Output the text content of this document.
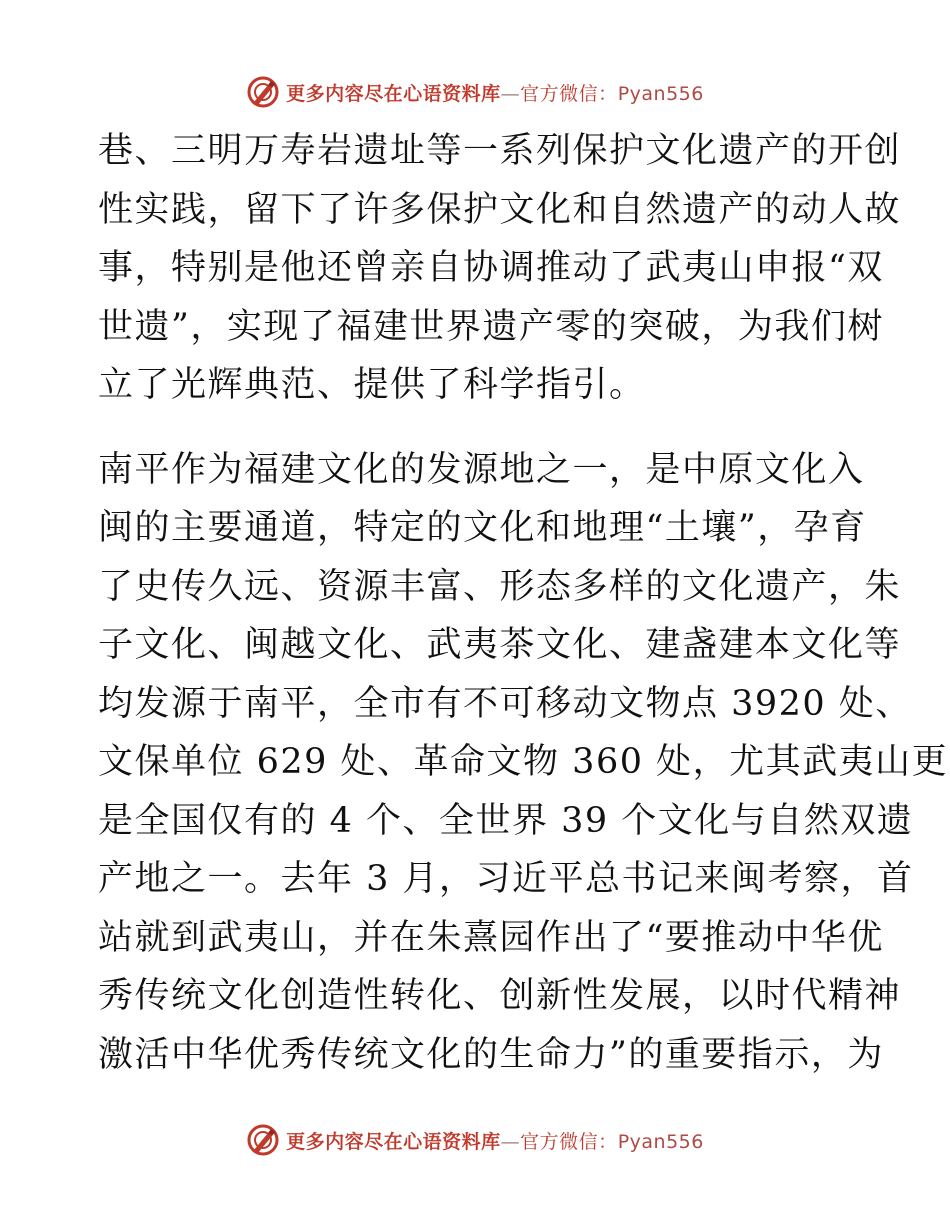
更多内容尽在心语资料库—官方微信：Pyan556
巷、三明万寿岩遗址等一系列保护文化遗产的开创
性实践，留下了许多保护文化和自然遗产的动人故
事，特别是他还曾亲自协调推动了武夷山申报“双
世遗”，实现了福建世界遗产零的突破，为我们树
立了光辉典范、提供了科学指引。
南平作为福建文化的发源地之一，是中原文化入
闽的主要通道，特定的文化和地理“土壤”，孕育
了史传久远、资源丰富、形态多样的文化遗产，朱
子文化、闽越文化、武夷茶文化、建盏建本文化等
均发源于南平，全市有不可移动文物点 3920 处、
文保单位 629 处、革命文物 360 处，尤其武夷山更
是全国仅有的 4 个、全世界 39 个文化与自然双遗
产地之一。去年 3 月，习近平总书记来闽考察，首
站就到武夷山，并在朱熹园作出了“要推动中华优
秀传统文化创造性转化、创新性发展，以时代精神
激活中华优秀传统文化的生命力”的重要指示，为
更多内容尽在心语资料库—官方微信：Pyan556
